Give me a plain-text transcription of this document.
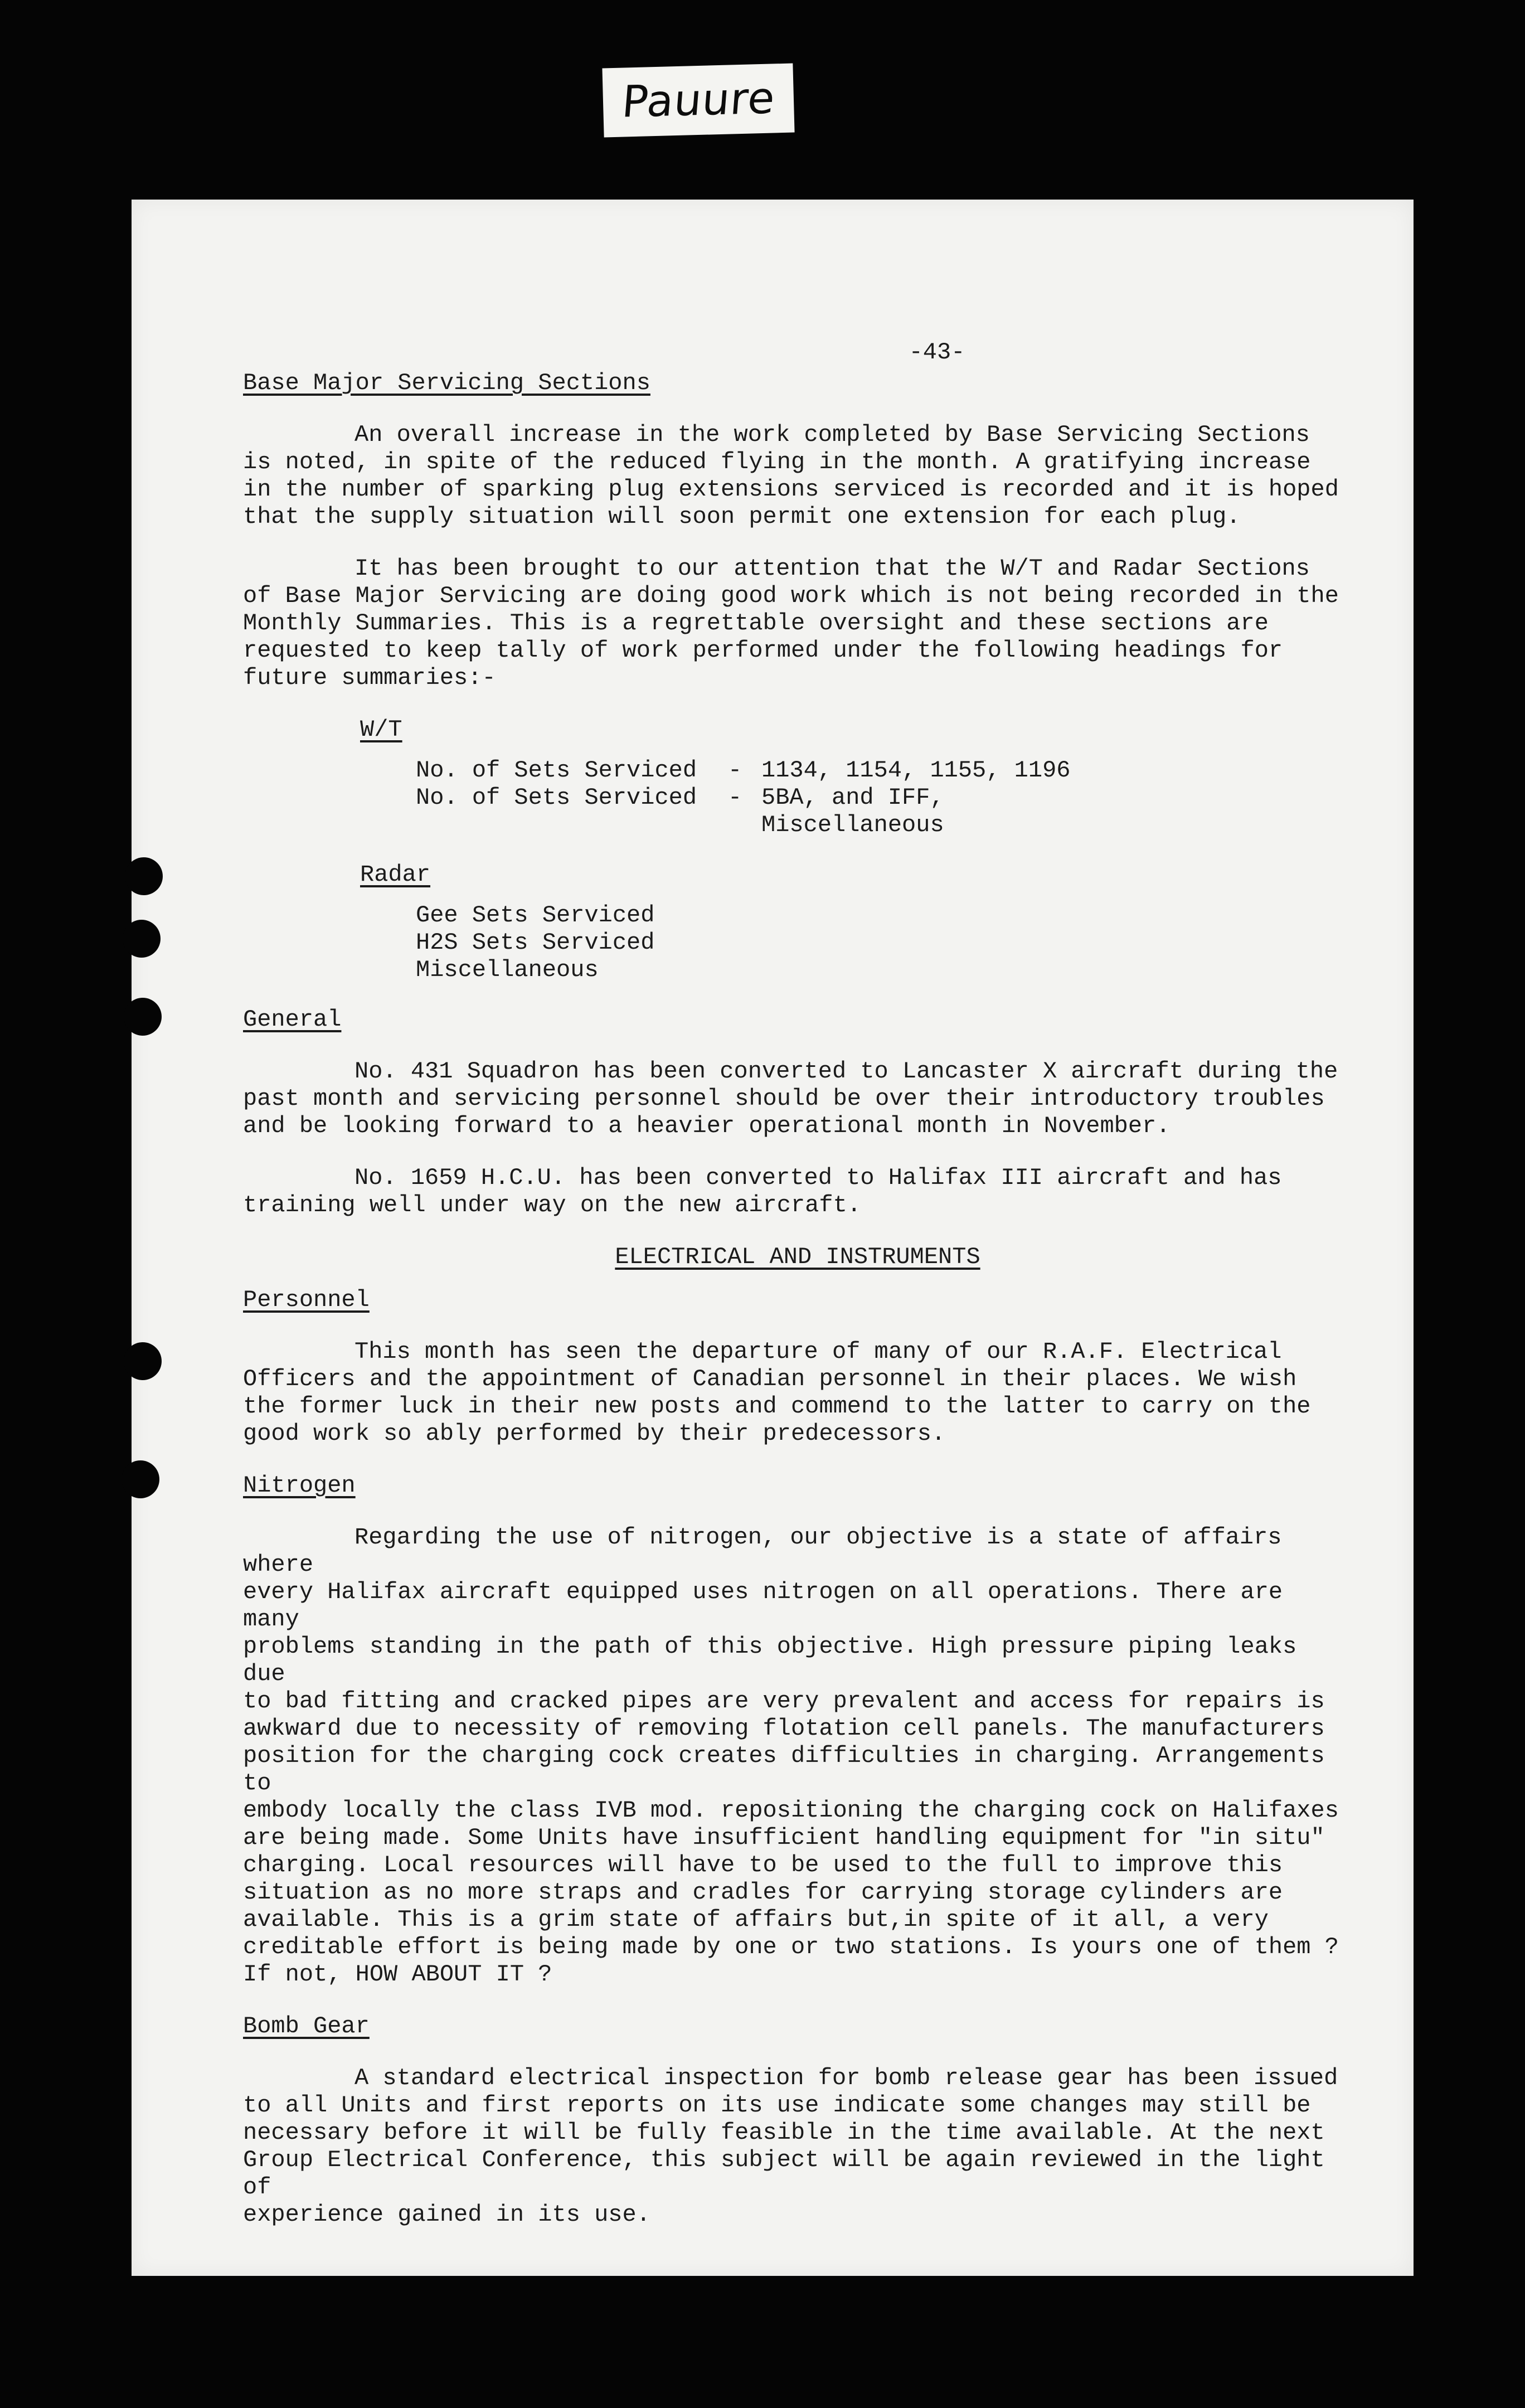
Pauure
-43-
Base Major Servicing Sections

An overall increase in the work completed by Base Servicing Sections
is noted, in spite of the reduced flying in the month. A gratifying increase
in the number of sparking plug extensions serviced is recorded and it is hoped
that the supply situation will soon permit one extension for each plug.

It has been brought to our attention that the W/T and Radar Sections
of Base Major Servicing are doing good work which is not being recorded in the
Monthly Summaries. This is a regrettable oversight and these sections are
requested to keep tally of work performed under the following headings for
future summaries:-

W/T
No. of Sets Serviced	- 1134, 1154, 1155, 1196
No. of Sets Serviced	- 5BA, and IFF,
Miscellaneous
Radar
Gee Sets Serviced
H2S Sets Serviced
Miscellaneous
General

No. 431 Squadron has been converted to Lancaster X aircraft during the
past month and servicing personnel should be over their introductory troubles
and be looking forward to a heavier operational month in November.

No. 1659 H.C.U. has been converted to Halifax III aircraft and has
training well under way on the new aircraft.

ELECTRICAL AND INSTRUMENTS
Personnel

This month has seen the departure of many of our R.A.F. Electrical
Officers and the appointment of Canadian personnel in their places. We wish
the former luck in their new posts and commend to the latter to carry on the
good work so ably performed by their predecessors.

Nitrogen

Regarding the use of nitrogen, our objective is a state of affairs where
every Halifax aircraft equipped uses nitrogen on all operations. There are many
problems standing in the path of this objective. High pressure piping leaks due
to bad fitting and cracked pipes are very prevalent and access for repairs is
awkward due to necessity of removing flotation cell panels. The manufacturers
position for the charging cock creates difficulties in charging. Arrangements to
embody locally the class IVB mod. repositioning the charging cock on Halifaxes
are being made. Some Units have insufficient handling equipment for "in situ"
charging. Local resources will have to be used to the full to improve this
situation as no more straps and cradles for carrying storage cylinders are
available. This is a grim state of affairs but,in spite of it all, a very
creditable effort is being made by one or two stations. Is yours one of them ?
If not, HOW ABOUT IT ?

Bomb Gear

A standard electrical inspection for bomb release gear has been issued
to all Units and first reports on its use indicate some changes may still be
necessary before it will be fully feasible in the time available. At the next
Group Electrical Conference, this subject will be again reviewed in the light of
experience gained in its use.
